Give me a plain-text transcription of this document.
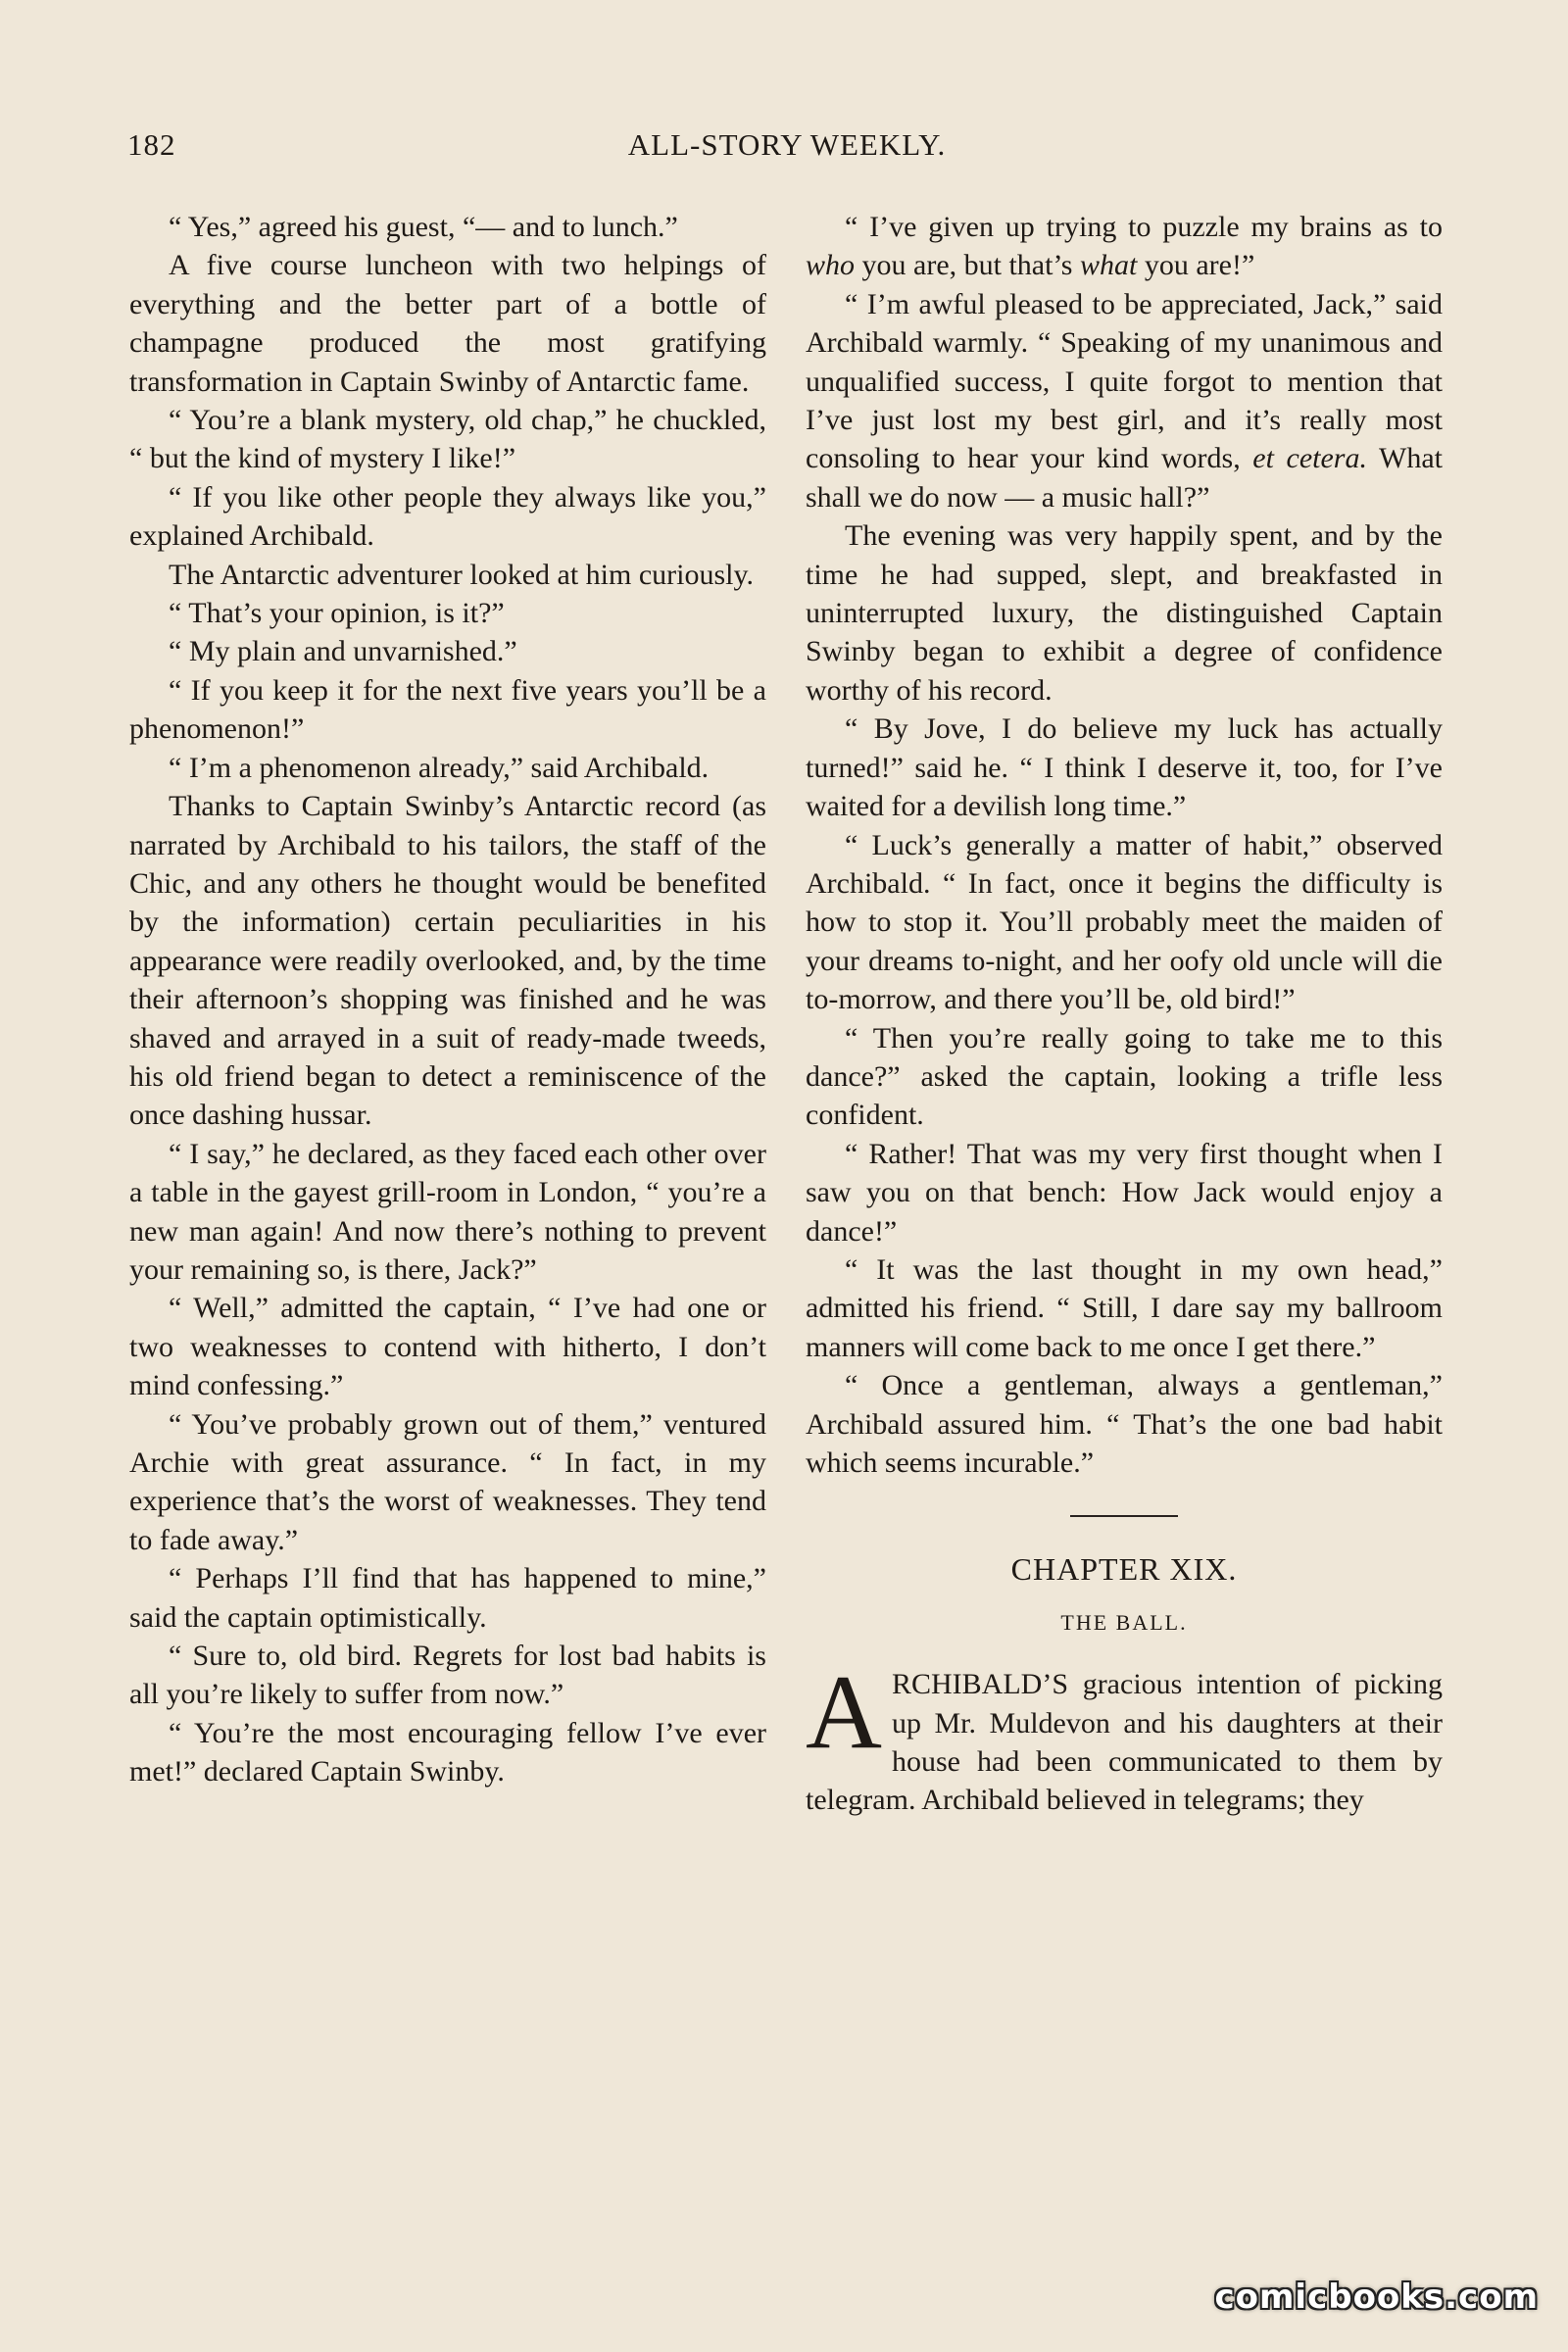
182	ALL-STORY WEEKLY.

“ Yes,” agreed his guest, “— and to lunch.”

A five course luncheon with two helpings of everything and the better part of a bottle of champagne produced the most gratifying transformation in Captain Swinby of Antarctic fame.

“ You’re a blank mystery, old chap,” he chuckled, “ but the kind of mystery I like!”

“ If you like other people they always like you,” explained Archibald.

The Antarctic adventurer looked at him curiously.

“ That’s your opinion, is it?”

“ My plain and unvarnished.”

“ If you keep it for the next five years you’ll be a phenomenon!”

“ I’m a phenomenon already,” said Archibald.

Thanks to Captain Swinby’s Antarctic record (as narrated by Archibald to his tailors, the staff of the Chic, and any others he thought would be benefited by the information) certain peculiarities in his appearance were readily overlooked, and, by the time their afternoon’s shopping was finished and he was shaved and arrayed in a suit of ready-made tweeds, his old friend began to detect a reminiscence of the once dashing hussar.

“ I say,” he declared, as they faced each other over a table in the gayest grill-room in London, “ you’re a new man again! And now there’s nothing to prevent your remaining so, is there, Jack?”

“ Well,” admitted the captain, “ I’ve had one or two weaknesses to contend with hitherto, I don’t mind confessing.”

“ You’ve probably grown out of them,” ventured Archie with great assurance. “ In fact, in my experience that’s the worst of weaknesses. They tend to fade away.”

“ Perhaps I’ll find that has happened to mine,” said the captain optimistically.

“ Sure to, old bird. Regrets for lost bad habits is all you’re likely to suffer from now.”

“ You’re the most encouraging fellow I’ve ever met!” declared Captain Swinby.

“ I’ve given up trying to puzzle my brains as to who you are, but that’s what you are!”

“ I’m awful pleased to be appreciated, Jack,” said Archibald warmly. “ Speaking of my unanimous and unqualified success, I quite forgot to mention that I’ve just lost my best girl, and it’s really most consoling to hear your kind words, et cetera. What shall we do now — a music hall?”

The evening was very happily spent, and by the time he had supped, slept, and breakfasted in uninterrupted luxury, the distinguished Captain Swinby began to exhibit a degree of confidence worthy of his record.

“ By Jove, I do believe my luck has actually turned!” said he. “ I think I deserve it, too, for I’ve waited for a devilish long time.”

“ Luck’s generally a matter of habit,” observed Archibald. “ In fact, once it begins the difficulty is how to stop it. You’ll probably meet the maiden of your dreams to-night, and her oofy old uncle will die to-morrow, and there you’ll be, old bird!”

“ Then you’re really going to take me to this dance?” asked the captain, looking a trifle less confident.

“ Rather! That was my very first thought when I saw you on that bench: How Jack would enjoy a dance!”

“ It was the last thought in my own head,” admitted his friend. “ Still, I dare say my ballroom manners will come back to me once I get there.”

“ Once a gentleman, always a gentleman,” Archibald assured him. “ That’s the one bad habit which seems incurable.”

CHAPTER XIX.
THE BALL.

ARCHIBALD’S gracious intention of picking up Mr. Muldevon and his daughters at their house had been communicated to them by telegram. Archibald believed in telegrams; they

comicbooks.com
